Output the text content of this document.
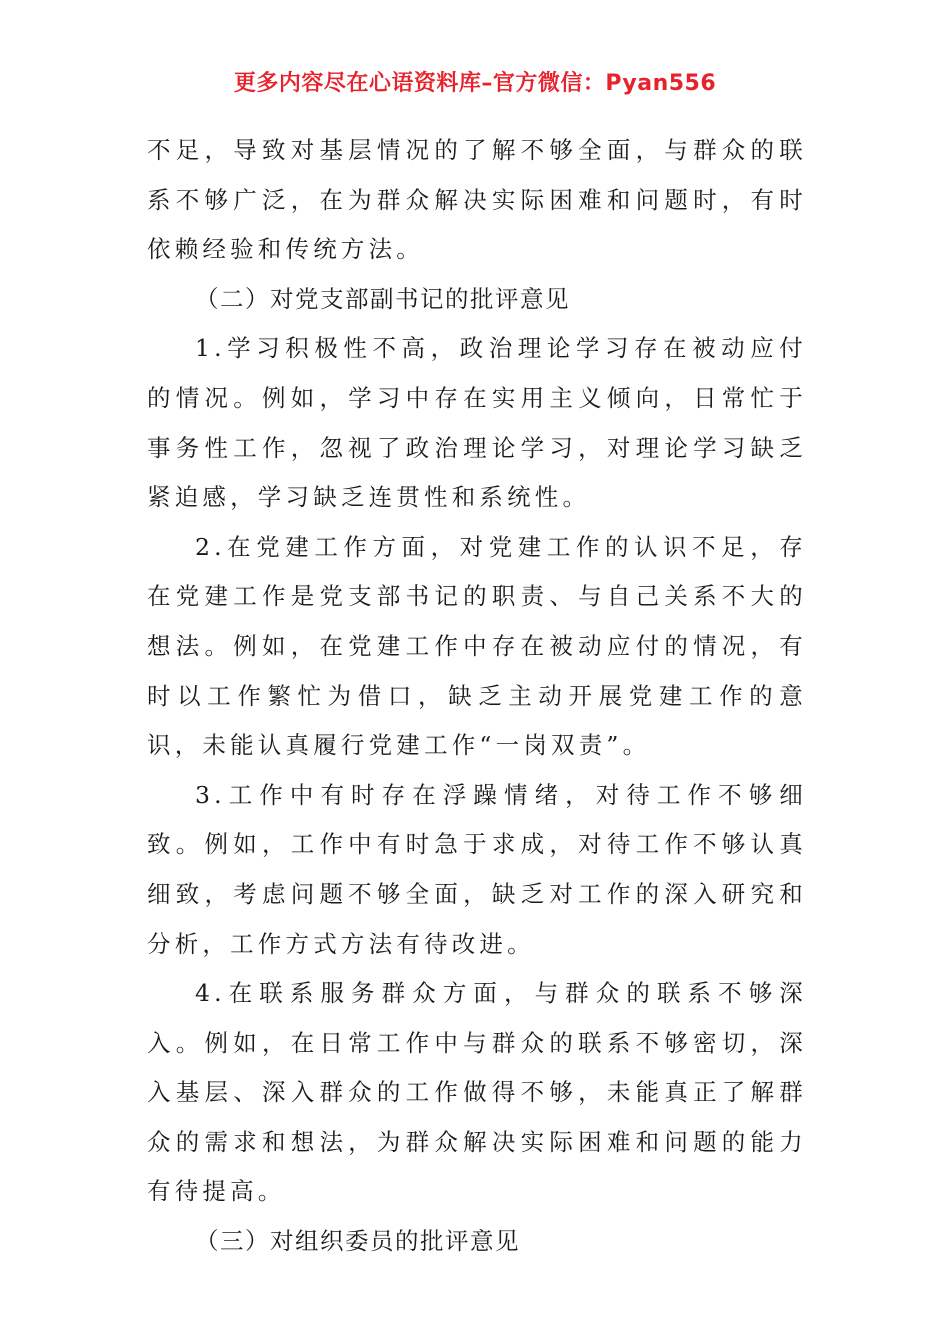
更多内容尽在心语资料库–官方微信：Pyan556

不足，导致对基层情况的了解不够全面，与群众的联系不够广泛，在为群众解决实际困难和问题时，有时依赖经验和传统方法。

（二）对党支部副书记的批评意见

1.学习积极性不高，政治理论学习存在被动应付的情况。例如，学习中存在实用主义倾向，日常忙于事务性工作，忽视了政治理论学习，对理论学习缺乏紧迫感，学习缺乏连贯性和系统性。

2.在党建工作方面，对党建工作的认识不足，存在党建工作是党支部书记的职责、与自己关系不大的想法。例如，在党建工作中存在被动应付的情况，有时以工作繁忙为借口，缺乏主动开展党建工作的意识，未能认真履行党建工作“一岗双责”。

3.工作中有时存在浮躁情绪，对待工作不够细致。例如，工作中有时急于求成，对待工作不够认真细致，考虑问题不够全面，缺乏对工作的深入研究和分析，工作方式方法有待改进。

4.在联系服务群众方面，与群众的联系不够深入。例如，在日常工作中与群众的联系不够密切，深入基层、深入群众的工作做得不够，未能真正了解群众的需求和想法，为群众解决实际困难和问题的能力有待提高。

（三）对组织委员的批评意见
